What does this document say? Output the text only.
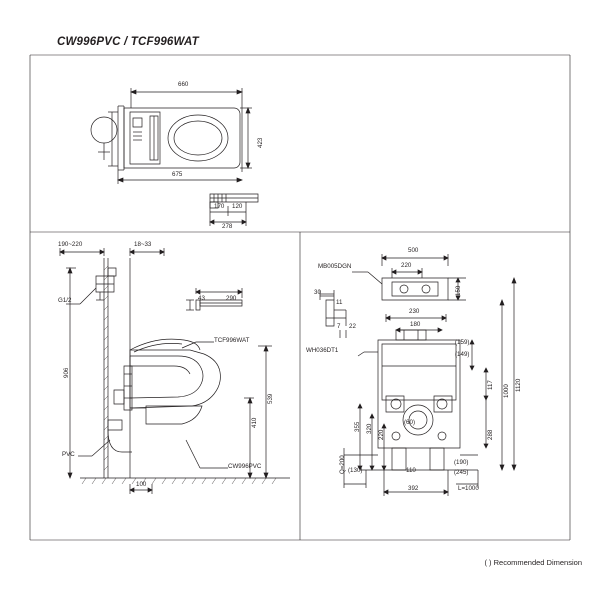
CW996PVC / TCF996WAT
( ) Recommended Dimension
660
423
675
170 120
278
190~220	18~33
43	290
906
410
539
100
G1/2
TCF996WAT
CW996PVC
PVC
500
220
150
30
11
7 22
230
180
(159)
(149)
117 1000 1120
288
355 320
220
(60)
Q=200 (130)	110
(190)
(245)
392	L=1000
MB005DGN
WH036DT1
